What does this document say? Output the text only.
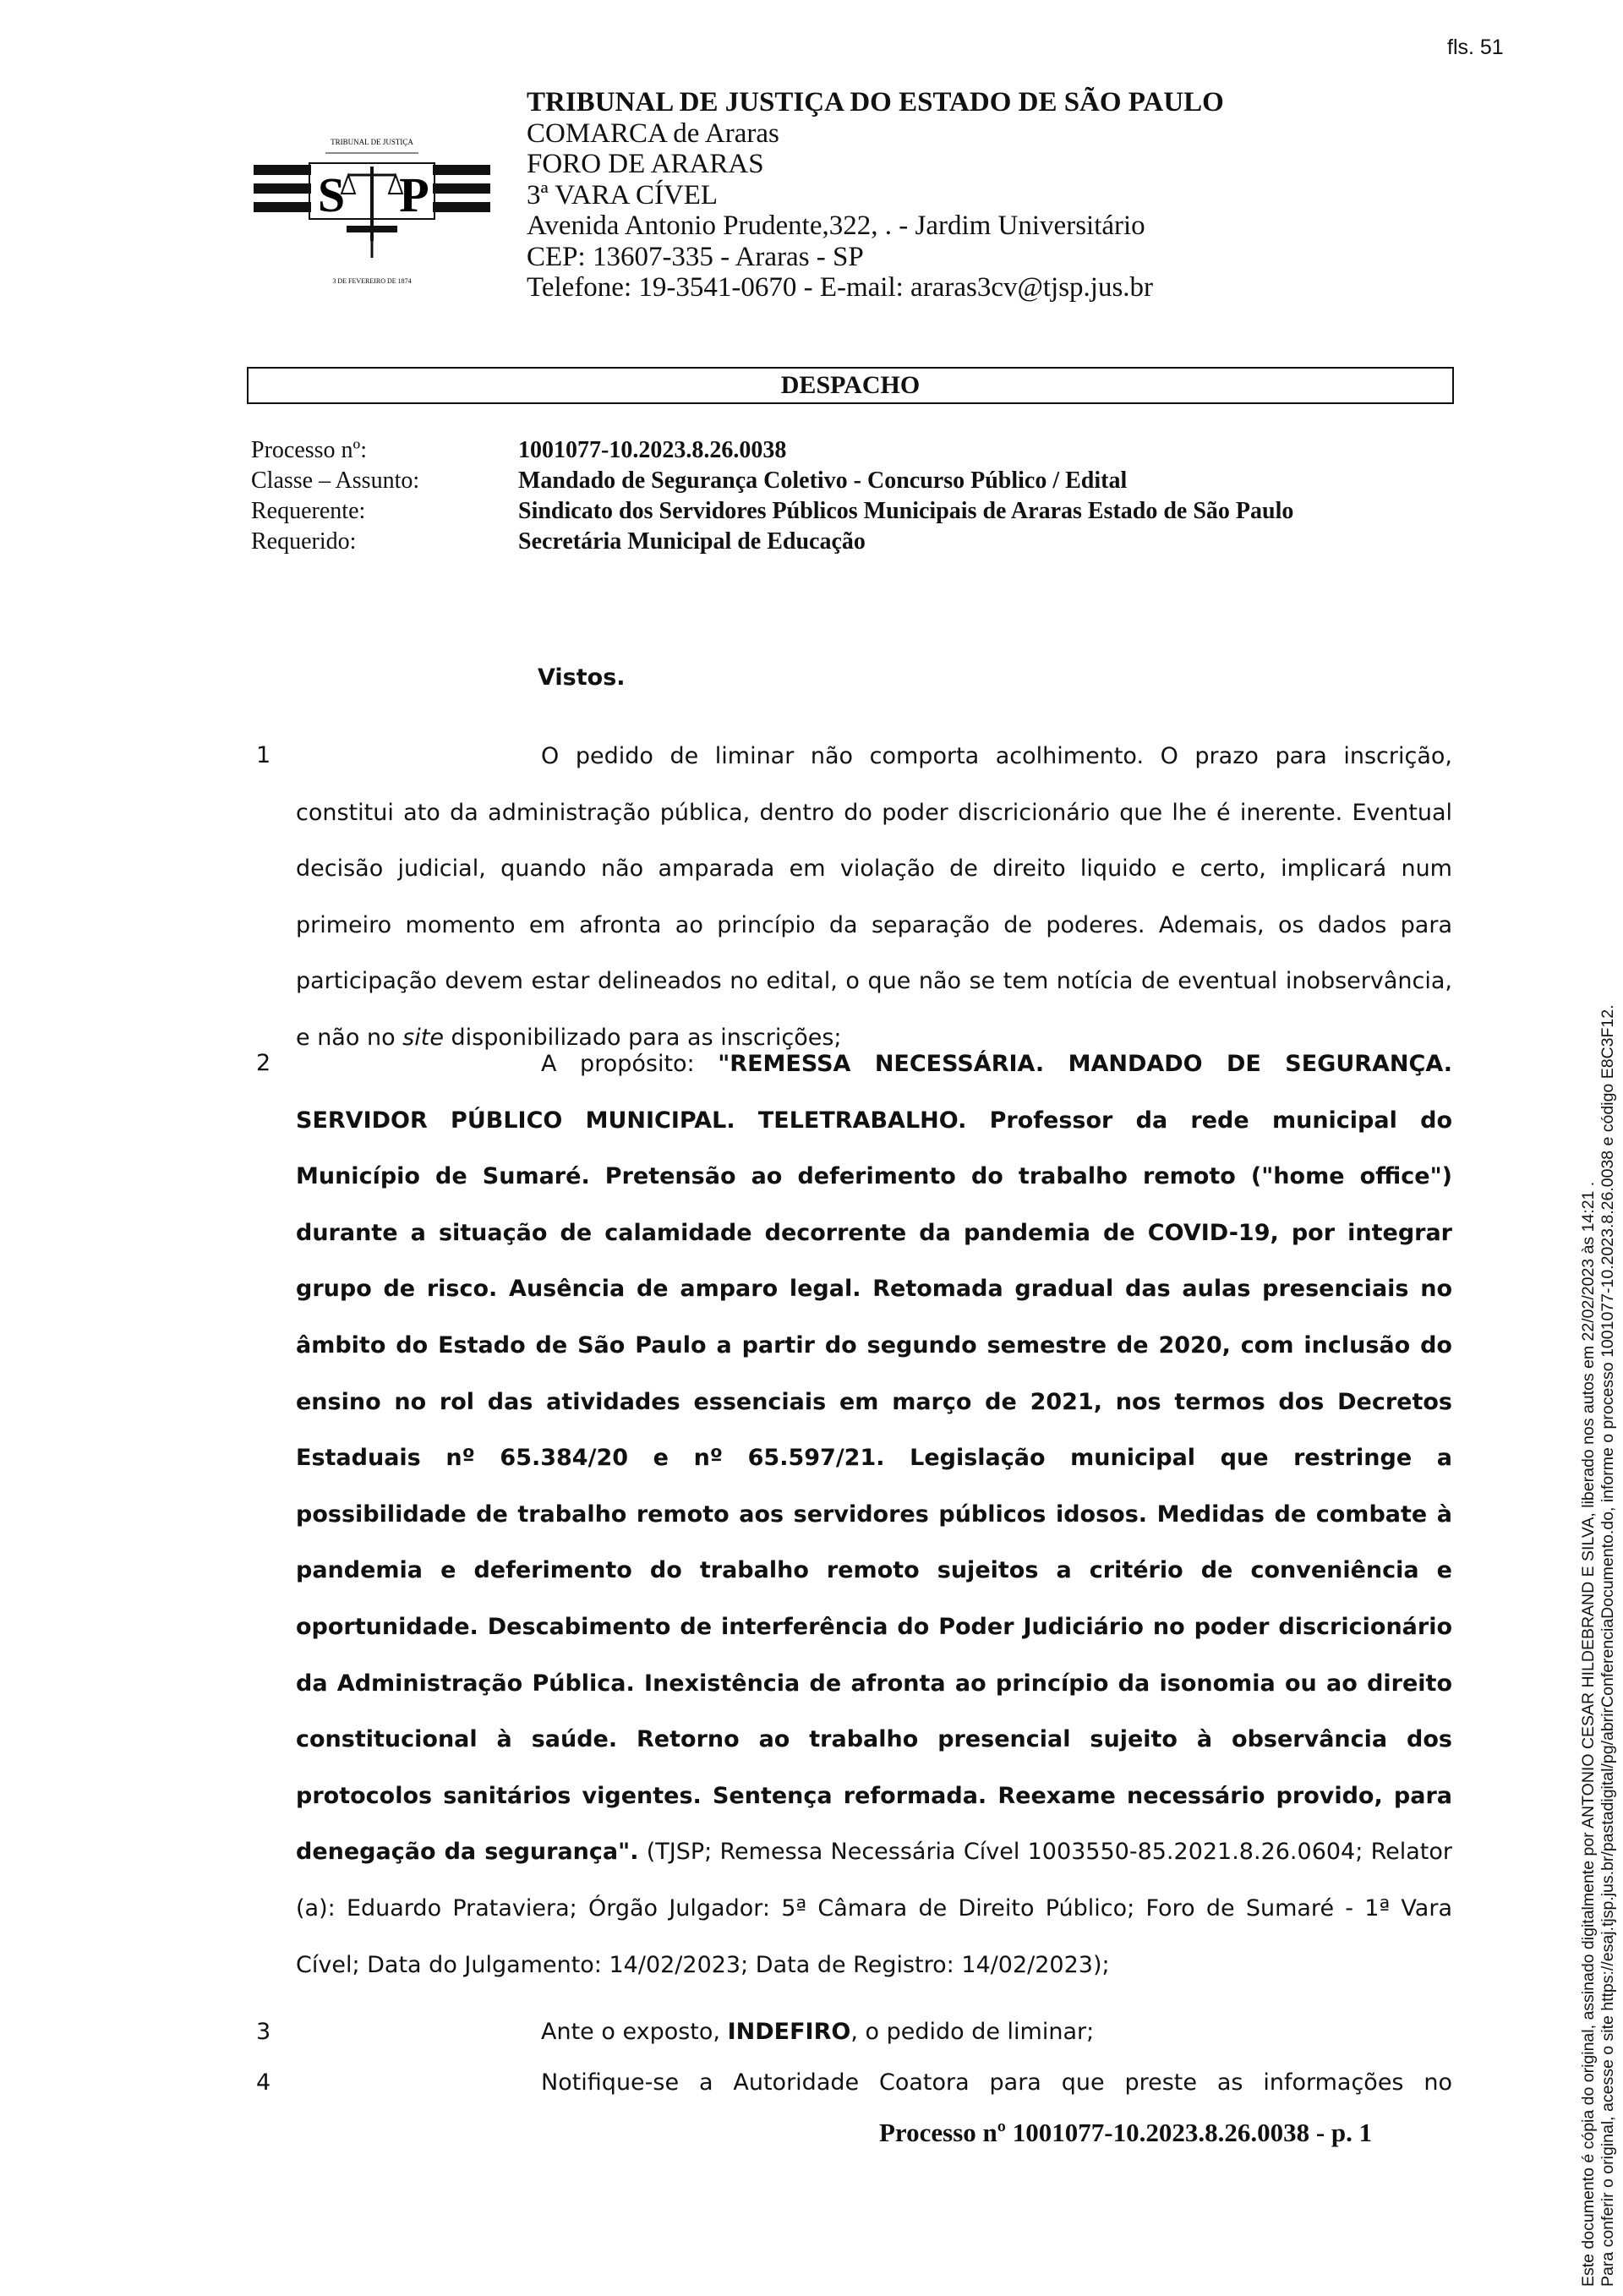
fls. 51
TRIBUNAL DE JUSTIÇA
S P
3 DE FEVEREIRO DE 1874
TRIBUNAL DE JUSTIÇA DO ESTADO DE SÃO PAULO
COMARCA de Araras
FORO DE ARARAS
3ª VARA CÍVEL
Avenida Antonio Prudente,322, . - Jardim Universitário
CEP: 13607-335 - Araras - SP
Telefone: 19-3541-0670 - E-mail: araras3cv@tjsp.jus.br
DESPACHO
Processo nº:	1001077-10.2023.8.26.0038
Classe – Assunto:	Mandado de Segurança Coletivo - Concurso Público / Edital
Requerente:	Sindicato dos Servidores Públicos Municipais de Araras Estado de São Paulo
Requerido:	Secretária Municipal de Educação
Vistos.
1	O pedido de liminar não comporta acolhimento. O prazo para inscrição,
constitui ato da administração pública, dentro do poder discricionário que lhe é inerente. Eventual decisão judicial, quando não amparada em violação de direito liquido e certo, implicará num primeiro momento em afronta ao princípio da separação de poderes. Ademais, os dados para participação devem estar delineados no edital, o que não se tem notícia de eventual inobservância, e não no site disponibilizado para as inscrições;
2	A propósito: "REMESSA NECESSÁRIA. MANDADO DE SEGURANÇA.
SERVIDOR PÚBLICO MUNICIPAL. TELETRABALHO. Professor da rede municipal do Município de Sumaré. Pretensão ao deferimento do trabalho remoto ("home office") durante a situação de calamidade decorrente da pandemia de COVID-19, por integrar grupo de risco. Ausência de amparo legal. Retomada gradual das aulas presenciais no âmbito do Estado de São Paulo a partir do segundo semestre de 2020, com inclusão do ensino no rol das atividades essenciais em março de 2021, nos termos dos Decretos Estaduais nº 65.384/20 e nº 65.597/21. Legislação municipal que restringe a possibilidade de trabalho remoto aos servidores públicos idosos. Medidas de combate à pandemia e deferimento do trabalho remoto sujeitos a critério de conveniência e oportunidade. Descabimento de interferência do Poder Judiciário no poder discricionário da Administração Pública. Inexistência de afronta ao princípio da isonomia ou ao direito constitucional à saúde. Retorno ao trabalho presencial sujeito à observância dos protocolos sanitários vigentes. Sentença reformada. Reexame necessário provido, para denegação da segurança". (TJSP; Remessa Necessária Cível 1003550-85.2021.8.26.0604; Relator (a): Eduardo Prataviera; Órgão Julgador: 5ª Câmara de Direito Público; Foro de Sumaré - 1ª Vara Cível; Data do Julgamento: 14/02/2023; Data de Registro: 14/02/2023);
3	Ante o exposto, INDEFIRO, o pedido de liminar;
4	Notifique-se a Autoridade Coatora para que preste as informações no
Processo nº 1001077-10.2023.8.26.0038 - p. 1	Este documento é cópia do original, assinado digitalmente por ANTONIO CESAR HILDEBRAND E SILVA, liberado nos autos em 22/02/2023 às 14:21 . Para conferir o original, acesse o site https://esaj.tjsp.jus.br/pastadigital/pg/abrirConferenciaDocumento.do, informe o processo 1001077-10.2023.8.26.0038 e código E8C3F12.
